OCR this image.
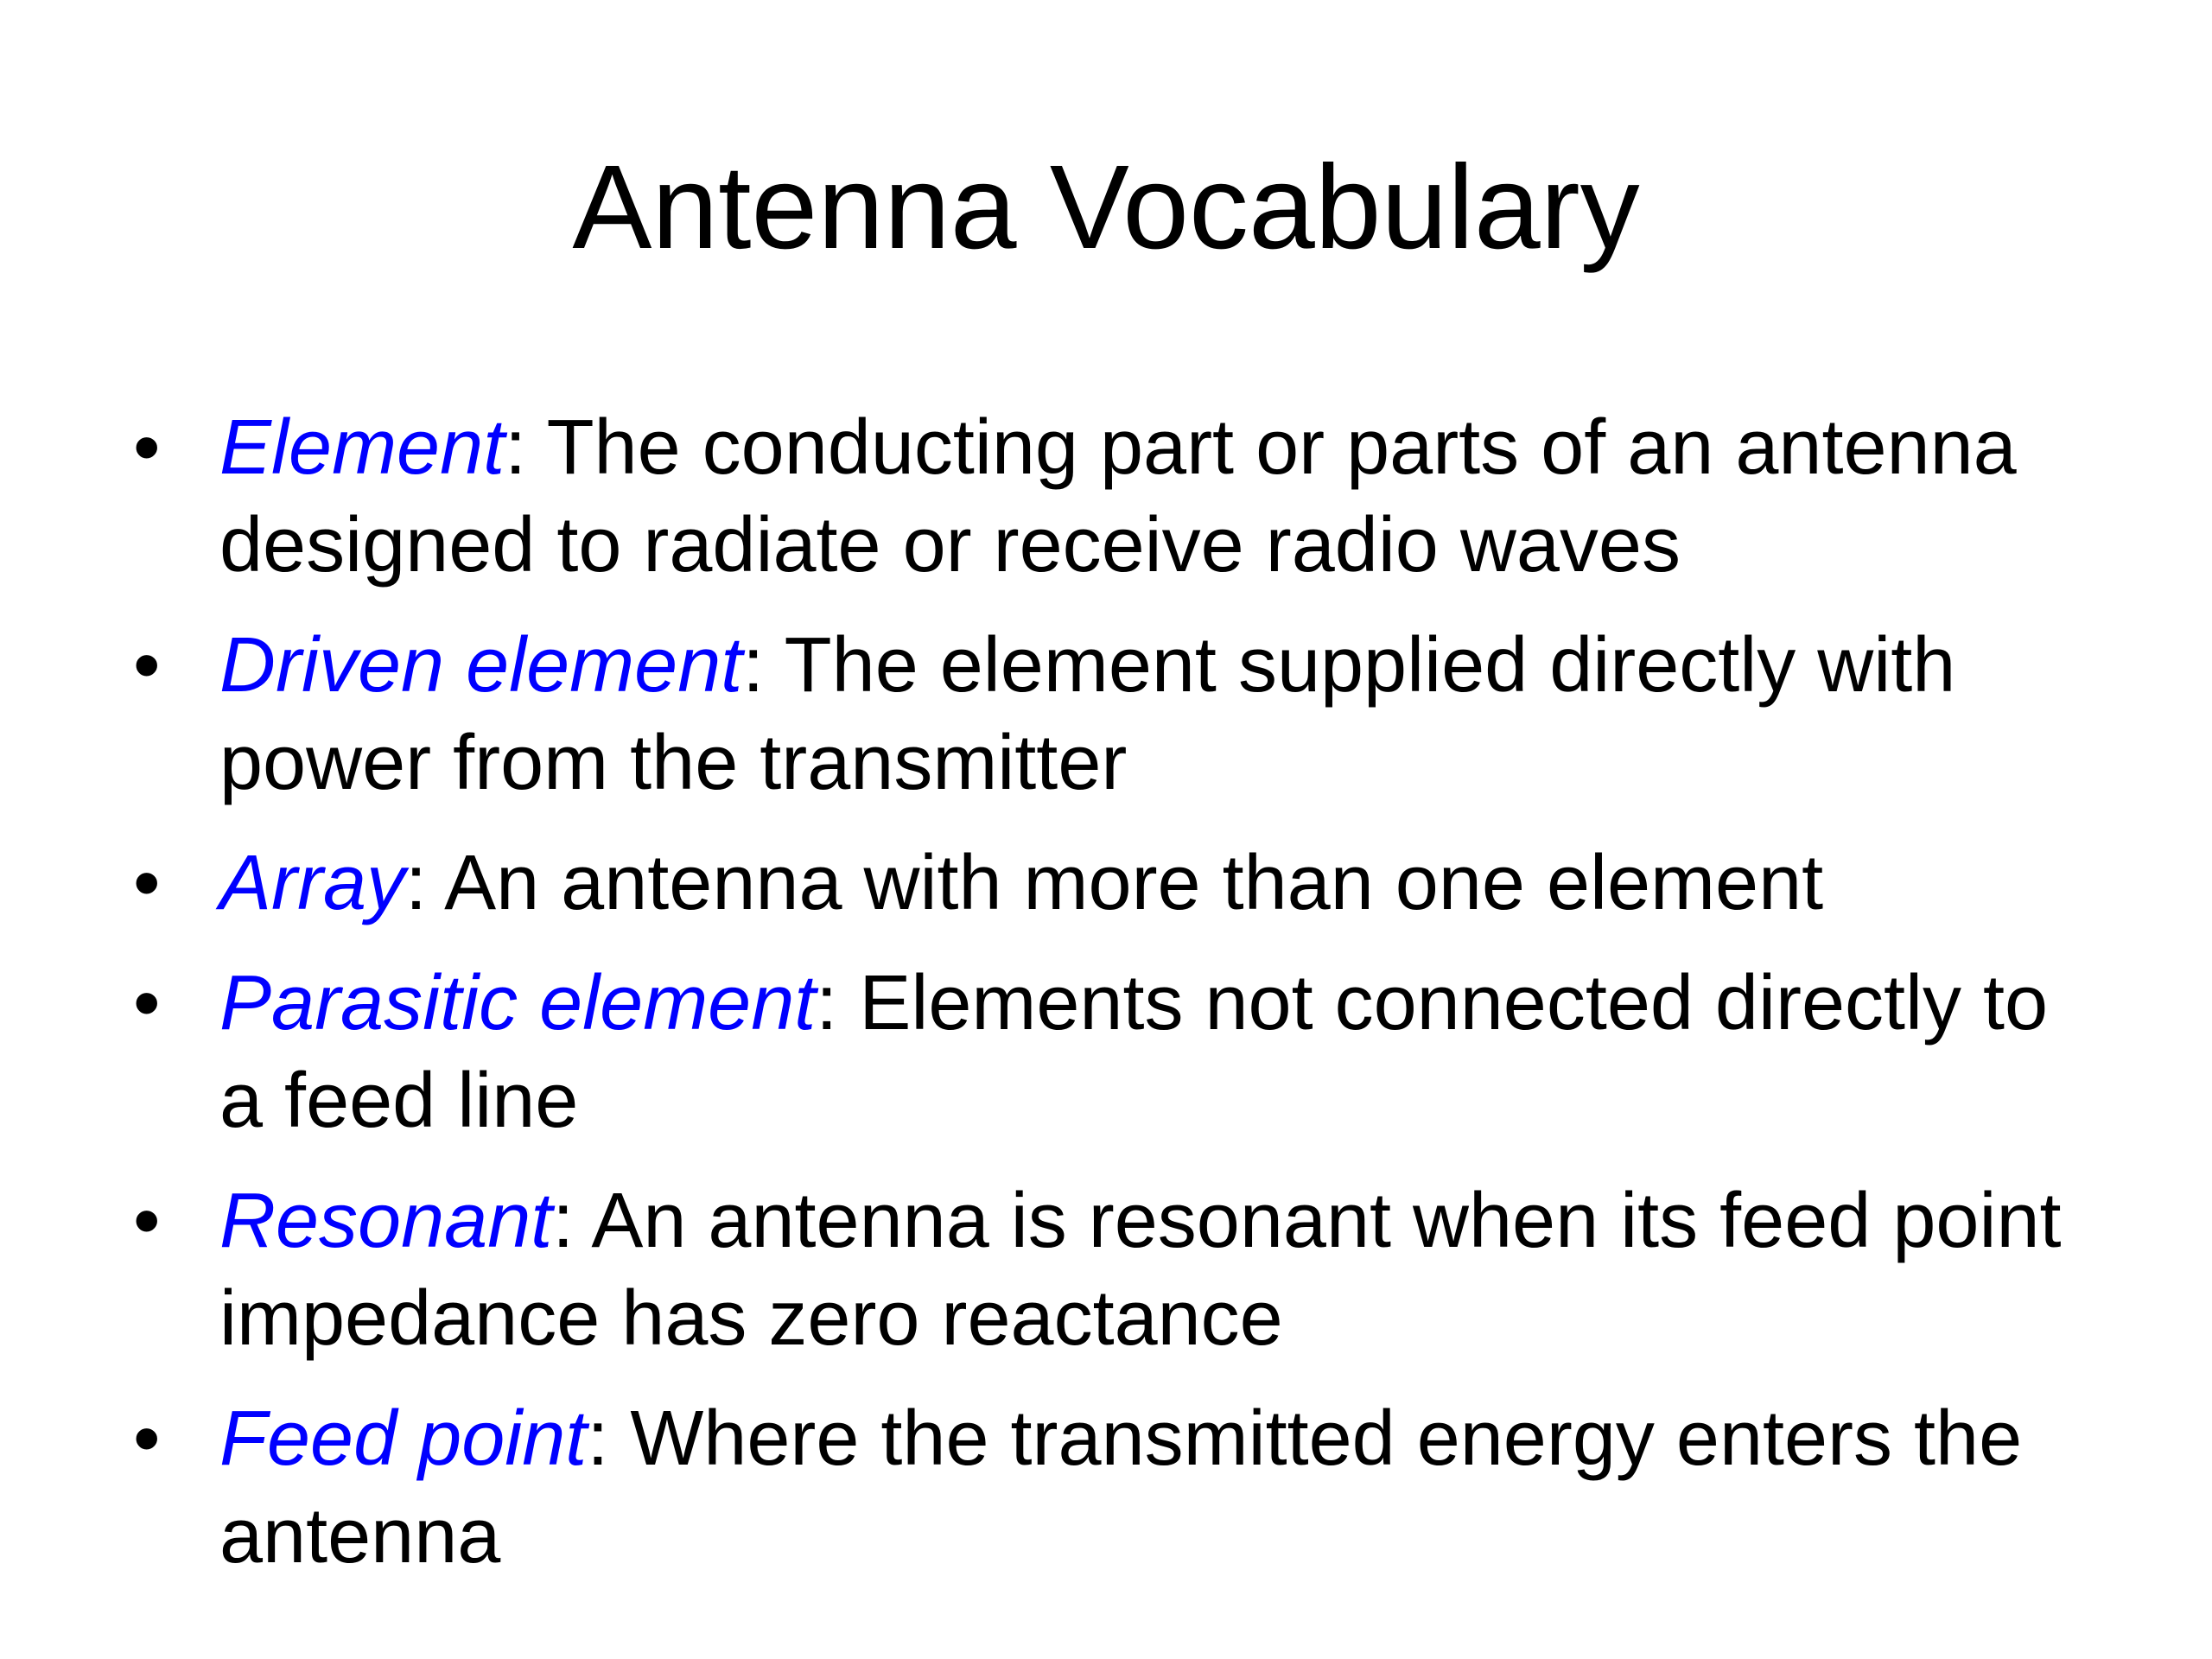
Antenna Vocabulary
• Element: The conducting part or parts of an antenna designed to radiate or receive radio waves
• Driven element: The element supplied directly with power from the transmitter
• Array: An antenna with more than one element
• Parasitic element: Elements not connected directly to a feed line
• Resonant: An antenna is resonant when its feed point impedance has zero reactance
• Feed point: Where the transmitted energy enters the antenna
